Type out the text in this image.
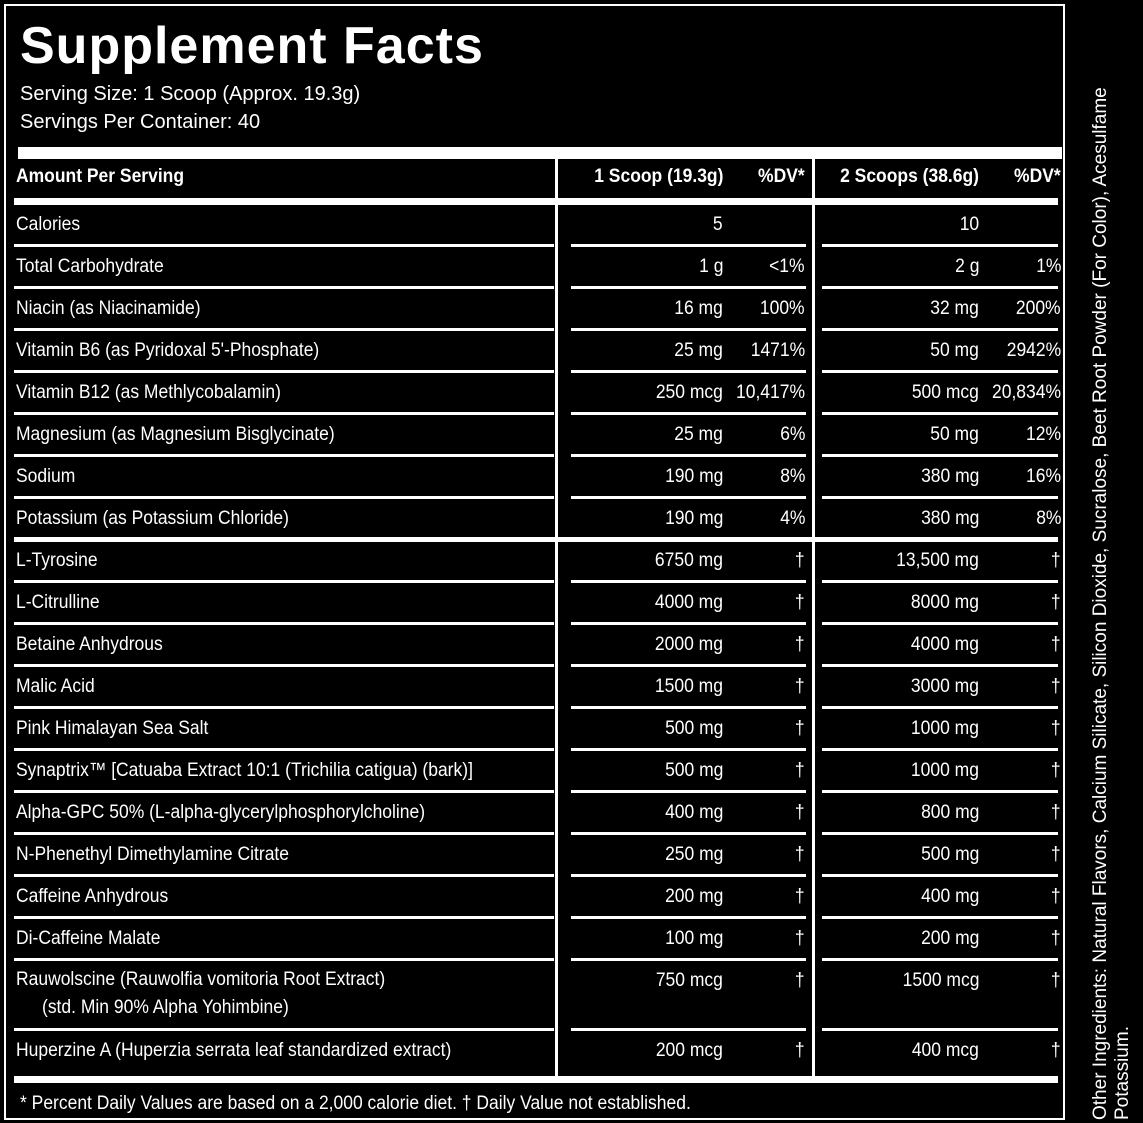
Supplement Facts
Serving Size: 1 Scoop (Approx. 19.3g)
Servings Per Container: 40
Amount Per Serving	1 Scoop (19.3g) %DV* 2 Scoops (38.6g) %DV*
Calories	5	10
Total Carbohydrate	1 g <1%	2 g	1%
Niacin (as Niacinamide)	16 mg 100%	32 mg 200%
Vitamin B6 (as Pyridoxal 5'-Phosphate)	25 mg 1471%	50 mg 2942%
Vitamin B12 (as Methlycobalamin)	250 mcg 10,417%	500 mcg 20,834%
Magnesium (as Magnesium Bisglycinate)	25 mg	6%	50 mg 12%
Sodium	190 mg	8%	380 mg 16%
Potassium (as Potassium Chloride)	190 mg	4%	380 mg	8%
L-Tyrosine	6750 mg	†	13,500 mg	†
L-Citrulline	4000 mg	†	8000 mg	†
Betaine Anhydrous	2000 mg	†	4000 mg	†
Malic Acid	1500 mg	†	3000 mg	†
Pink Himalayan Sea Salt	500 mg	†	1000 mg	†
Synaptrix™ [Catuaba Extract 10:1 (Trichilia catigua) (bark)]	500 mg	†	1000 mg	†
Alpha-GPC 50% (L-alpha-glycerylphosphorylcholine)	400 mg	†	800 mg	†
N-Phenethyl Dimethylamine Citrate	250 mg	†	500 mg	†
Caffeine Anhydrous	200 mg	†	400 mg	†
Di-Caffeine Malate	100 mg	†	200 mg	†
Rauwolscine (Rauwolfia vomitoria Root Extract)
(std. Min 90% Alpha Yohimbine)
750 mcg	†	1500 mcg	†
Huperzine A (Huperzia serrata leaf standardized extract)	200 mcg	†	400 mcg	†
* Percent Daily Values are based on a 2,000 calorie diet. † Daily Value not established.	Other Ingredients: Natural Flavors, Calcium Silicate, Silicon Dioxide, Sucralose, Beet Root Powder (For Color), Acesulfame Potassium.
